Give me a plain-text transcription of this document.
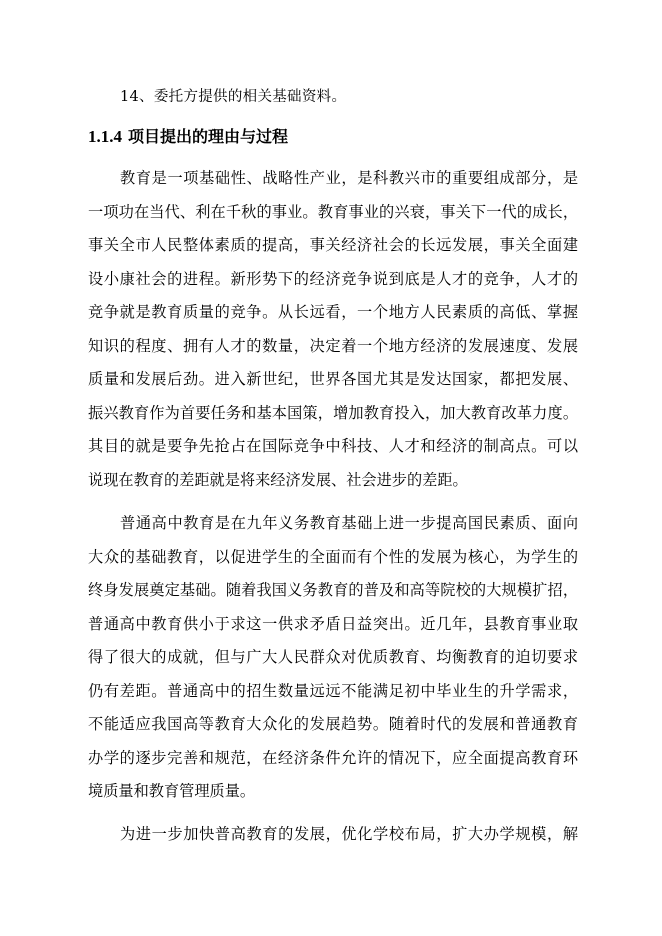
14、委托方提供的相关基础资料。
1.1.4 项目提出的理由与过程
教育是一项基础性、战略性产业，是科教兴市的重要组成部分，是
一项功在当代、利在千秋的事业。教育事业的兴衰，事关下一代的成长，
事关全市人民整体素质的提高，事关经济社会的长远发展，事关全面建
设小康社会的进程。新形势下的经济竞争说到底是人才的竞争，人才的
竞争就是教育质量的竞争。从长远看，一个地方人民素质的高低、掌握
知识的程度、拥有人才的数量，决定着一个地方经济的发展速度、发展
质量和发展后劲。进入新世纪，世界各国尤其是发达国家，都把发展、
振兴教育作为首要任务和基本国策，增加教育投入，加大教育改革力度。
其目的就是要争先抢占在国际竞争中科技、人才和经济的制高点。可以
说现在教育的差距就是将来经济发展、社会进步的差距。
普通高中教育是在九年义务教育基础上进一步提高国民素质、面向
大众的基础教育，以促进学生的全面而有个性的发展为核心，为学生的
终身发展奠定基础。随着我国义务教育的普及和高等院校的大规模扩招，
普通高中教育供小于求这一供求矛盾日益突出。近几年，县教育事业取
得了很大的成就，但与广大人民群众对优质教育、均衡教育的迫切要求
仍有差距。普通高中的招生数量远远不能满足初中毕业生的升学需求，
不能适应我国高等教育大众化的发展趋势。随着时代的发展和普通教育
办学的逐步完善和规范，在经济条件允许的情况下，应全面提高教育环
境质量和教育管理质量。
为进一步加快普高教育的发展，优化学校布局，扩大办学规模，解
